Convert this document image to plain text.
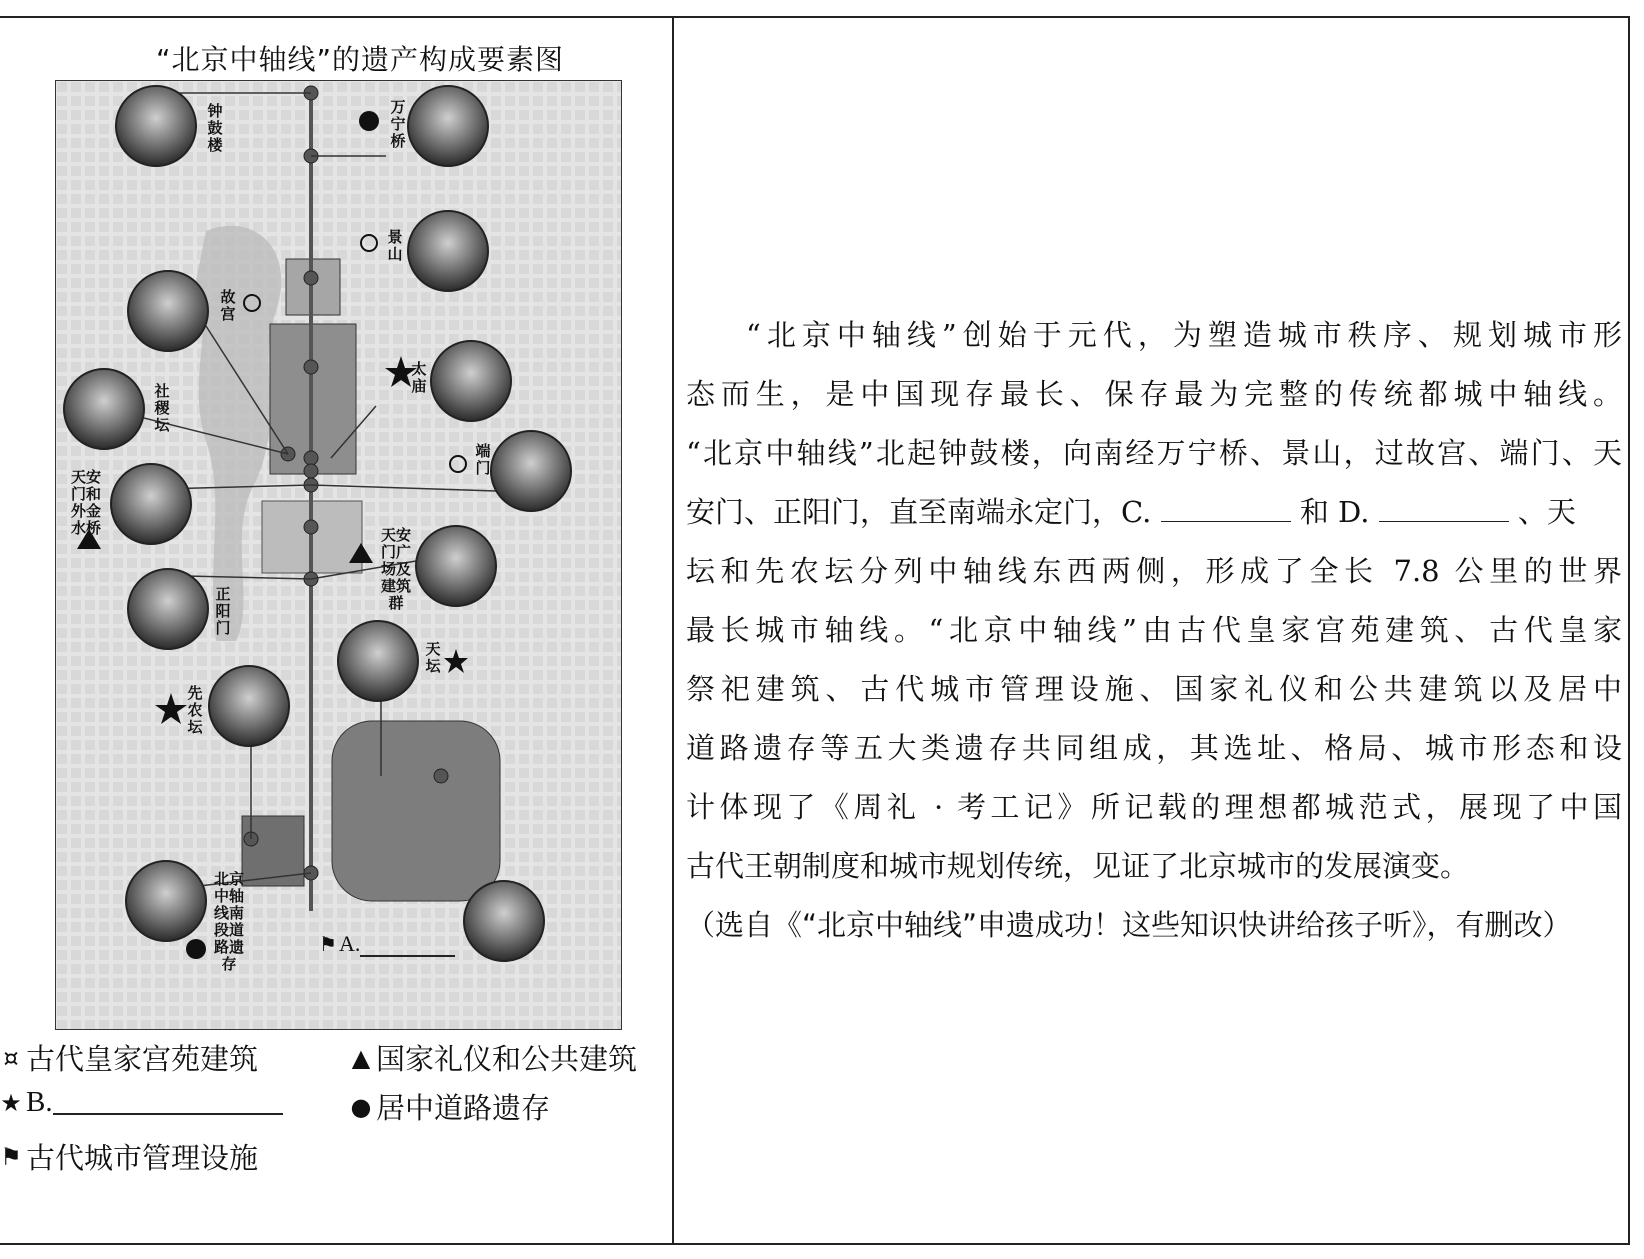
“北京中轴线”的遗产构成要素图
钟鼓楼
万宁桥
景山
故宫
太庙
社稷坛
端门
天安门和外金水桥	天安门广场及建筑群
正阳门
天坛
先农坛
北京中轴线南段道路遗存
⚑ A.
¤ 古代皇家宫苑建筑	▲ 国家礼仪和公共建筑
★ B.	● 居中道路遗存
⚑ 古代城市管理设施
“北京中轴线”创始于元代，为塑造城市秩序、规划城市形
态而生，是中国现存最长、保存最为完整的传统都城中轴线。
“北京中轴线”北起钟鼓楼，向南经万宁桥、景山，过故宫、端门、天
安门、正阳门，直至南端永定门，C.	和 D.	、天
坛和先农坛分列中轴线东西两侧，形成了全长 7.8 公里的世界
最长城市轴线。“北京中轴线”由古代皇家宫苑建筑、古代皇家
祭祀建筑、古代城市管理设施、国家礼仪和公共建筑以及居中
道路遗存等五大类遗存共同组成，其选址、格局、城市形态和设
计体现了《周礼 · 考工记》所记载的理想都城范式，展现了中国
古代王朝制度和城市规划传统，见证了北京城市的发展演变。
（选自《“北京中轴线”申遗成功！这些知识快讲给孩子听》，有删改）
